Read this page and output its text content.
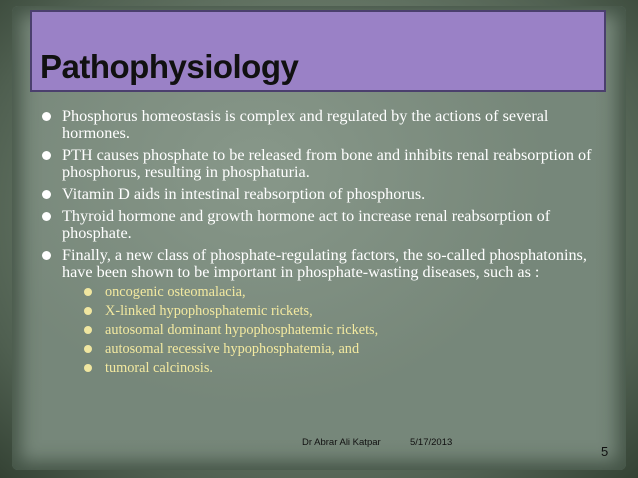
Pathophysiology
Phosphorus homeostasis is complex and regulated by the actions of several hormones.
PTH causes phosphate to be released from bone and inhibits renal reabsorption of phosphorus, resulting in phosphaturia.
Vitamin D aids in intestinal reabsorption of phosphorus.
Thyroid hormone and growth hormone act to increase renal reabsorption of phosphate.
Finally, a new class of phosphate-regulating factors, the so-called phosphatonins, have been shown to be important in phosphate-wasting diseases, such as :
oncogenic osteomalacia,
X-linked hypophosphatemic rickets,
autosomal dominant hypophosphatemic rickets,
autosomal recessive hypophosphatemia, and
tumoral calcinosis.
Dr Abrar Ali Katpar	5/17/2013
5
